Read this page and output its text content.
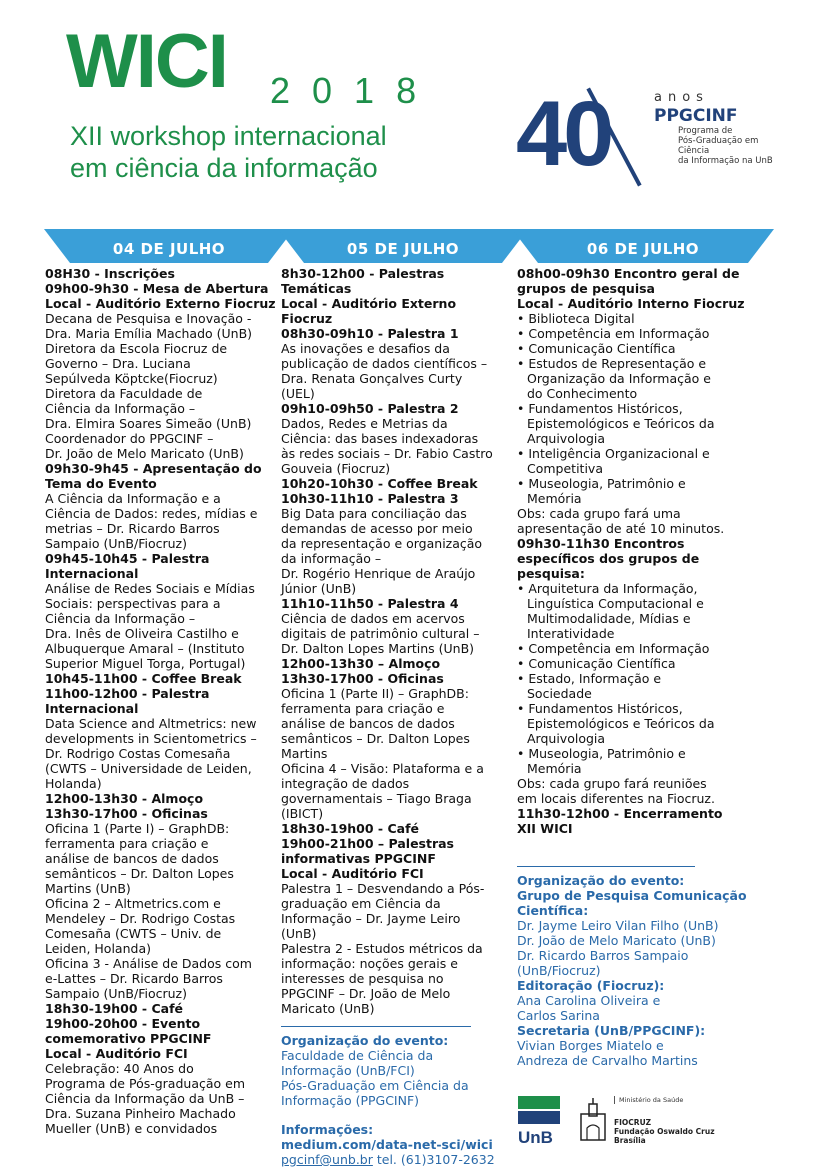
WICI 2018
XII workshop internacional
em ciência da informação 40	anos
PPGCINF
Programa de
Pós-Graduação em Ciência
da Informação na UnB
04 DE JULHO	05 DE JULHO	06 DE JULHO

08H30 - Inscrições

09h00-9h30 - Mesa de Abertura

Local - Auditório Externo Fiocruz

Decana de Pesquisa e Inovação -

Dra. Maria Emília Machado (UnB)

Diretora da Escola Fiocruz de

Governo – Dra. Luciana

Sepúlveda Köptcke(Fiocruz)

Diretora da Faculdade de

Ciência da Informação –

Dra. Elmira Soares Simeão (UnB)

Coordenador do PPGCINF –

Dr. João de Melo Maricato (UnB)

09h30-9h45 - Apresentação do

Tema do Evento

A Ciência da Informação e a

Ciência de Dados: redes, mídias e

metrias – Dr. Ricardo Barros

Sampaio (UnB/Fiocruz)

09h45-10h45 - Palestra

Internacional

Análise de Redes Sociais e Mídias

Sociais: perspectivas para a

Ciência da Informação –

Dra. Inês de Oliveira Castilho e

Albuquerque Amaral – (Instituto

Superior Miguel Torga, Portugal)

10h45-11h00 - Coffee Break

11h00-12h00 - Palestra

Internacional

Data Science and Altmetrics: new

developments in Scientometrics –

Dr. Rodrigo Costas Comesaña

(CWTS – Universidade de Leiden,

Holanda)

12h00-13h30 - Almoço

13h30-17h00 - Oficinas

Oficina 1 (Parte I) – GraphDB:

ferramenta para criação e

análise de bancos de dados

semânticos – Dr. Dalton Lopes

Martins (UnB)

Oficina 2 – Altmetrics.com e

Mendeley – Dr. Rodrigo Costas

Comesaña (CWTS – Univ. de

Leiden, Holanda)

Oficina 3 - Análise de Dados com

e-Lattes – Dr. Ricardo Barros

Sampaio (UnB/Fiocruz)

18h30-19h00 - Café

19h00-20h00 - Evento

comemorativo PPGCINF

Local - Auditório FCI

Celebração: 40 Anos do

Programa de Pós-graduação em

Ciência da Informação da UnB –

Dra. Suzana Pinheiro Machado

Mueller (UnB) e convidados

8h30-12h00 - Palestras Temáticas

Local - Auditório Externo Fiocruz

08h30-09h10 - Palestra 1

As inovações e desafios da

publicação de dados científicos –

Dra. Renata Gonçalves Curty

(UEL)

09h10-09h50 - Palestra 2

Dados, Redes e Metrias da

Ciência: das bases indexadoras

às redes sociais – Dr. Fabio Castro

Gouveia (Fiocruz)

10h20-10h30 - Coffee Break

10h30-11h10 - Palestra 3

Big Data para conciliação das

demandas de acesso por meio

da representação e organização

da informação –

Dr. Rogério Henrique de Araújo

Júnior (UnB)

11h10-11h50 - Palestra 4

Ciência de dados em acervos

digitais de patrimônio cultural –

Dr. Dalton Lopes Martins (UnB)

12h00-13h30 – Almoço

13h30-17h00 - Oficinas

Oficina 1 (Parte II) – GraphDB:

ferramenta para criação e

análise de bancos de dados

semânticos – Dr. Dalton Lopes

Martins

Oficina 4 – Visão: Plataforma e a

integração de dados

governamentais – Tiago Braga

(IBICT)

18h30-19h00 - Café

19h00-21h00 – Palestras

informativas PPGCINF

Local - Auditório FCI

Palestra 1 – Desvendando a Pós-

graduação em Ciência da

Informação – Dr. Jayme Leiro

(UnB)

Palestra 2 - Estudos métricos da

informação: noções gerais e

interesses de pesquisa no

PPGCINF – Dr. João de Melo

Maricato (UnB)

Organização do evento:

Faculdade de Ciência da

Informação (UnB/FCI)

Pós-Graduação em Ciência da

Informação (PPGCINF)

Informações:

medium.com/data-net-sci/wici

pgcinf@unb.br tel. (61)3107-2632

08h00-09h30 Encontro geral de

grupos de pesquisa

Local - Auditório Interno Fiocruz

• Biblioteca Digital

• Competência em Informação

• Comunicação Científica

• Estudos de Representação e

Organização da Informação e

do Conhecimento

• Fundamentos Históricos,

Epistemológicos e Teóricos da

Arquivologia

• Inteligência Organizacional e

Competitiva

• Museologia, Patrimônio e

Memória

Obs: cada grupo fará uma

apresentação de até 10 minutos.

09h30-11h30 Encontros

específicos dos grupos de

pesquisa:

• Arquitetura da Informação,

Linguística Computacional e

Multimodalidade, Mídias e

Interatividade

• Competência em Informação

• Comunicação Científica

• Estado, Informação e

Sociedade

• Fundamentos Históricos,

Epistemológicos e Teóricos da

Arquivologia

• Museologia, Patrimônio e

Memória

Obs: cada grupo fará reuniões

em locais diferentes na Fiocruz.

11h30-12h00 - Encerramento

XII WICI

Organização do evento:

Grupo de Pesquisa Comunicação

Científica:

Dr. Jayme Leiro Vilan Filho (UnB)

Dr. João de Melo Maricato (UnB)

Dr. Ricardo Barros Sampaio

(UnB/Fiocruz)

Editoração (Fiocruz):

Ana Carolina Oliveira e

Carlos Sarina

Secretaria (UnB/PPGCINF):

Vivian Borges Miatelo e

Andreza de Carvalho Martins

UnB
Ministério da Saúde
FIOCRUZ
Fundação Oswaldo Cruz
Brasília
